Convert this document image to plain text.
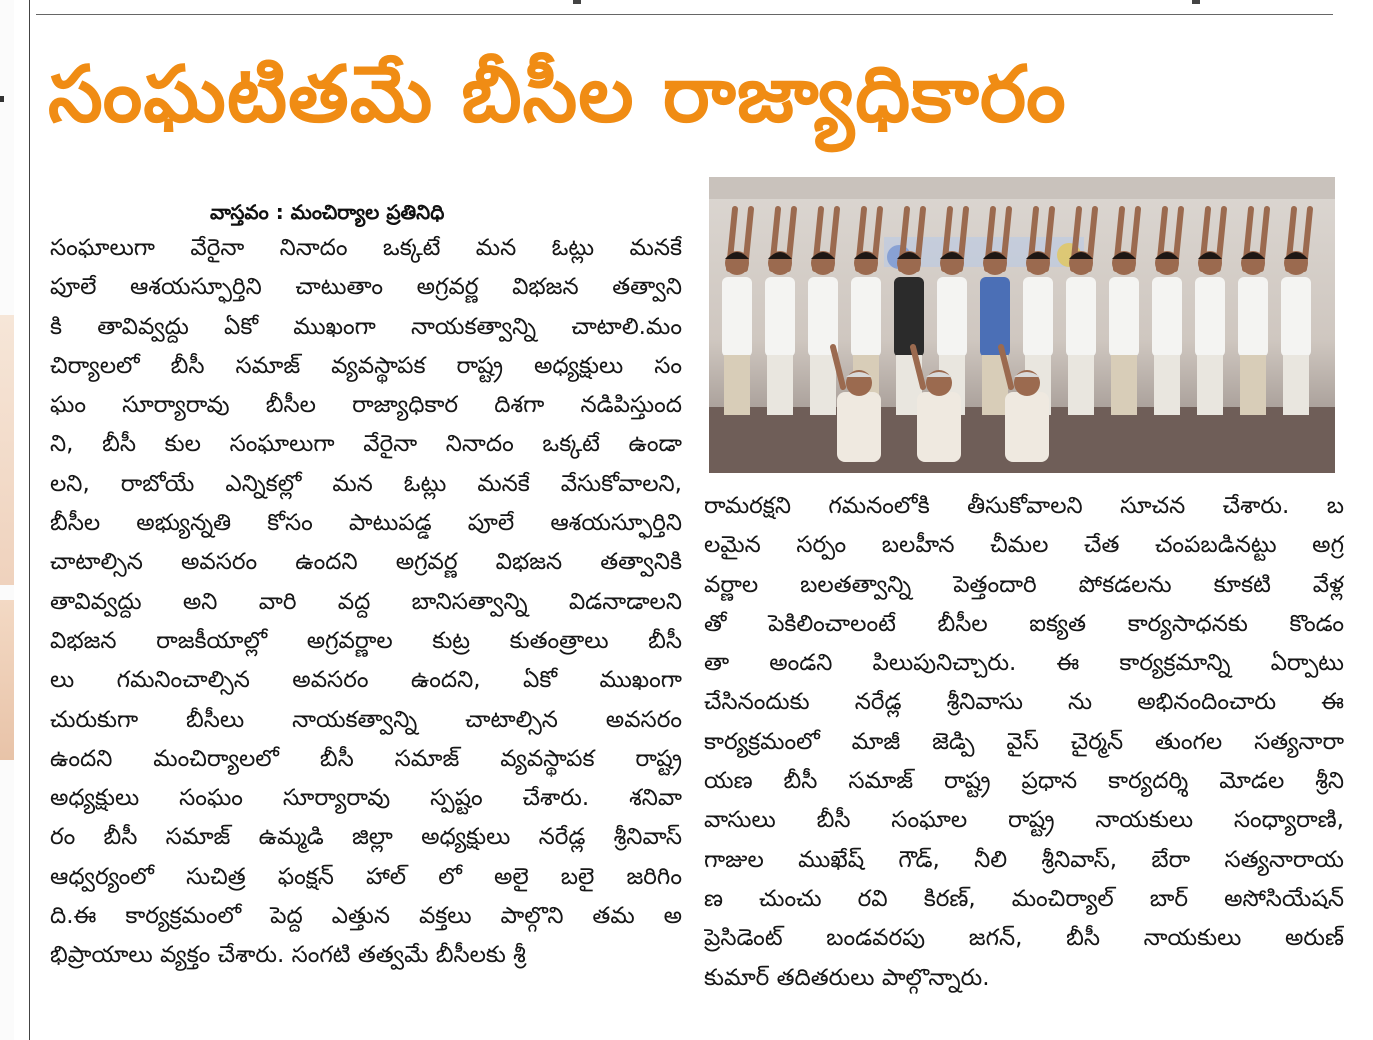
సంఘటితమే బీసీల రాజ్యాధికారం

వాస్తవం : మంచిర్యాల ప్రతినిధి

సంఘాలుగా వేరైనా నినాదం ఒక్కటే మన ఓట్లు మనకే
పూలే ఆశయస్ఫూర్తిని చాటుతాం అగ్రవర్ణ విభజన తత్వాని
కి తావివ్వద్దు ఏకో ముఖంగా నాయకత్వాన్ని చాటాలి.మం
చిర్యాలలో బీసీ సమాజ్ వ్యవస్థాపక రాష్ట్ర అధ్యక్షులు సం
ఘం సూర్యారావు బీసీల రాజ్యాధికార దిశగా నడిపిస్తుంద
ని, బీసీ కుల సంఘాలుగా వేరైనా నినాదం ఒక్కటే ఉండా
లని, రాబోయే ఎన్నికల్లో మన ఓట్లు మనకే వేసుకోవాలని,
బీసీల అభ్యున్నతి కోసం పాటుపడ్డ పూలే ఆశయస్ఫూర్తిని
చాటాల్సిన అవసరం ఉందని అగ్రవర్ణ విభజన తత్వానికి
తావివ్వద్దు అని వారి వద్ద బానిసత్వాన్ని విడనాడాలని
విభజన రాజకీయాల్లో అగ్రవర్ణాల కుట్ర కుతంత్రాలు బీసీ
లు గమనించాల్సిన అవసరం ఉందని, ఏకో ముఖంగా
చురుకుగా బీసీలు నాయకత్వాన్ని చాటాల్సిన అవసరం
ఉందని మంచిర్యాలలో బీసీ సమాజ్ వ్యవస్థాపక రాష్ట్ర
అధ్యక్షులు సంఘం సూర్యారావు స్పష్టం చేశారు. శనివా
రం బీసీ సమాజ్ ఉమ్మడి జిల్లా అధ్యక్షులు నరేడ్ల శ్రీనివాస్
ఆధ్వర్యంలో సుచిత్ర ఫంక్షన్ హాల్ లో అలై బలై జరిగిం
ది.ఈ కార్యక్రమంలో పెద్ద ఎత్తున వక్తలు పాల్గొని తమ అ
భిప్రాయాలు వ్యక్తం చేశారు. సంగటి తత్వమే బీసీలకు శ్రీ
రామరక్షని గమనంలోకి తీసుకోవాలని సూచన చేశారు. బ
లమైన సర్పం బలహీన చీమల చేత చంపబడినట్టు అగ్ర
వర్ణాల బలతత్వాన్ని పెత్తందారి పోకడలను కూకటి వేళ్ల
తో పెకిలించాలంటే బీసీల ఐక్యత కార్యసాధనకు కొండం
తా అండని పిలుపునిచ్చారు. ఈ కార్యక్రమాన్ని ఏర్పాటు
చేసినందుకు నరేడ్ల శ్రీనివాసు ను అభినందించారు ఈ
కార్యక్రమంలో మాజీ జెడ్పి వైస్ చైర్మన్ తుంగల సత్యనారా
యణ బీసీ సమాజ్ రాష్ట్ర ప్రధాన కార్యదర్శి మోడల శ్రీని
వాసులు బీసీ సంఘాల రాష్ట్ర నాయకులు సంధ్యారాణి,
గాజుల ముఖేష్ గౌడ్, నీలి శ్రీనివాస్, బేరా సత్యనారాయ
ణ చుంచు రవి కిరణ్, మంచిర్యాల్ బార్ అసోసియేషన్
ప్రెసిడెంట్ బండవరపు జగన్, బీసీ నాయకులు అరుణ్
కుమార్ తదితరులు పాల్గొన్నారు.
